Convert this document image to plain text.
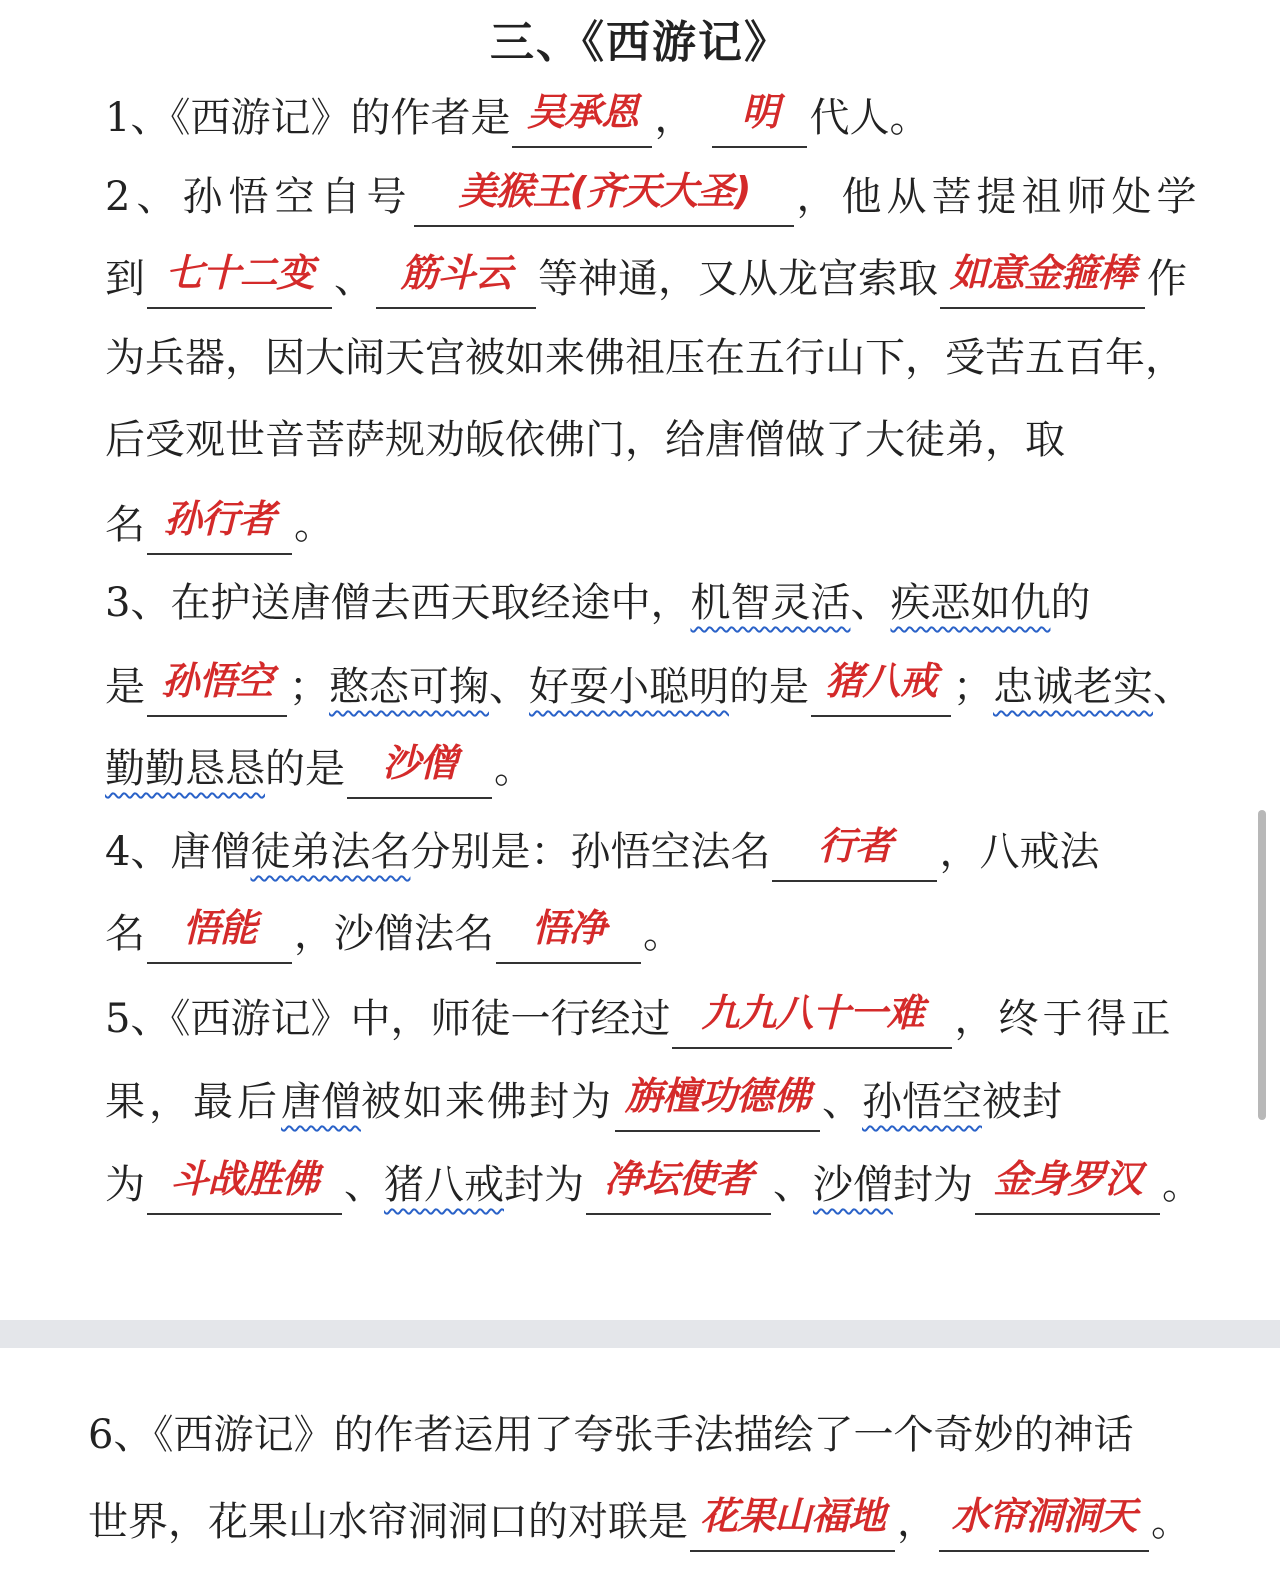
三、《西游记》
1、《西游记》的作者是 吴承恩 ， 明 代人。
2、孙悟空自号 美猴王(齐天大圣) ，他从菩提祖师处学
到 七十二变 、 筋斗云 等神通，又从龙宫索取 如意金箍棒 作
为兵器，因大闹天宫被如来佛祖压在五行山下，受苦五百年，
后受观世音菩萨规劝皈依佛门，给唐僧做了大徒弟，取
名 孙行者 。
3、在护送唐僧去西天取经途中，机智灵活、疾恶如仇的
是 孙悟空 ；憨态可掬、好耍小聪明的是 猪八戒 ；忠诚老实、
勤勤恳恳的是 沙僧 。
4、唐僧徒弟法名分别是：孙悟空法名 行者 ，八戒法
名 悟能 ，沙僧法名 悟净 。
5、《西游记》中，师徒一行经过 九九八十一难 ，终于得正
果，最后唐僧被如来佛封为 旃檀功德佛 、孙悟空被封
为 斗战胜佛 、猪八戒封为 净坛使者 、沙僧封为 金身罗汉 。
6、《西游记》的作者运用了夸张手法描绘了一个奇妙的神话
世界，花果山水帘洞洞口的对联是 花果山福地 ， 水帘洞洞天 。
